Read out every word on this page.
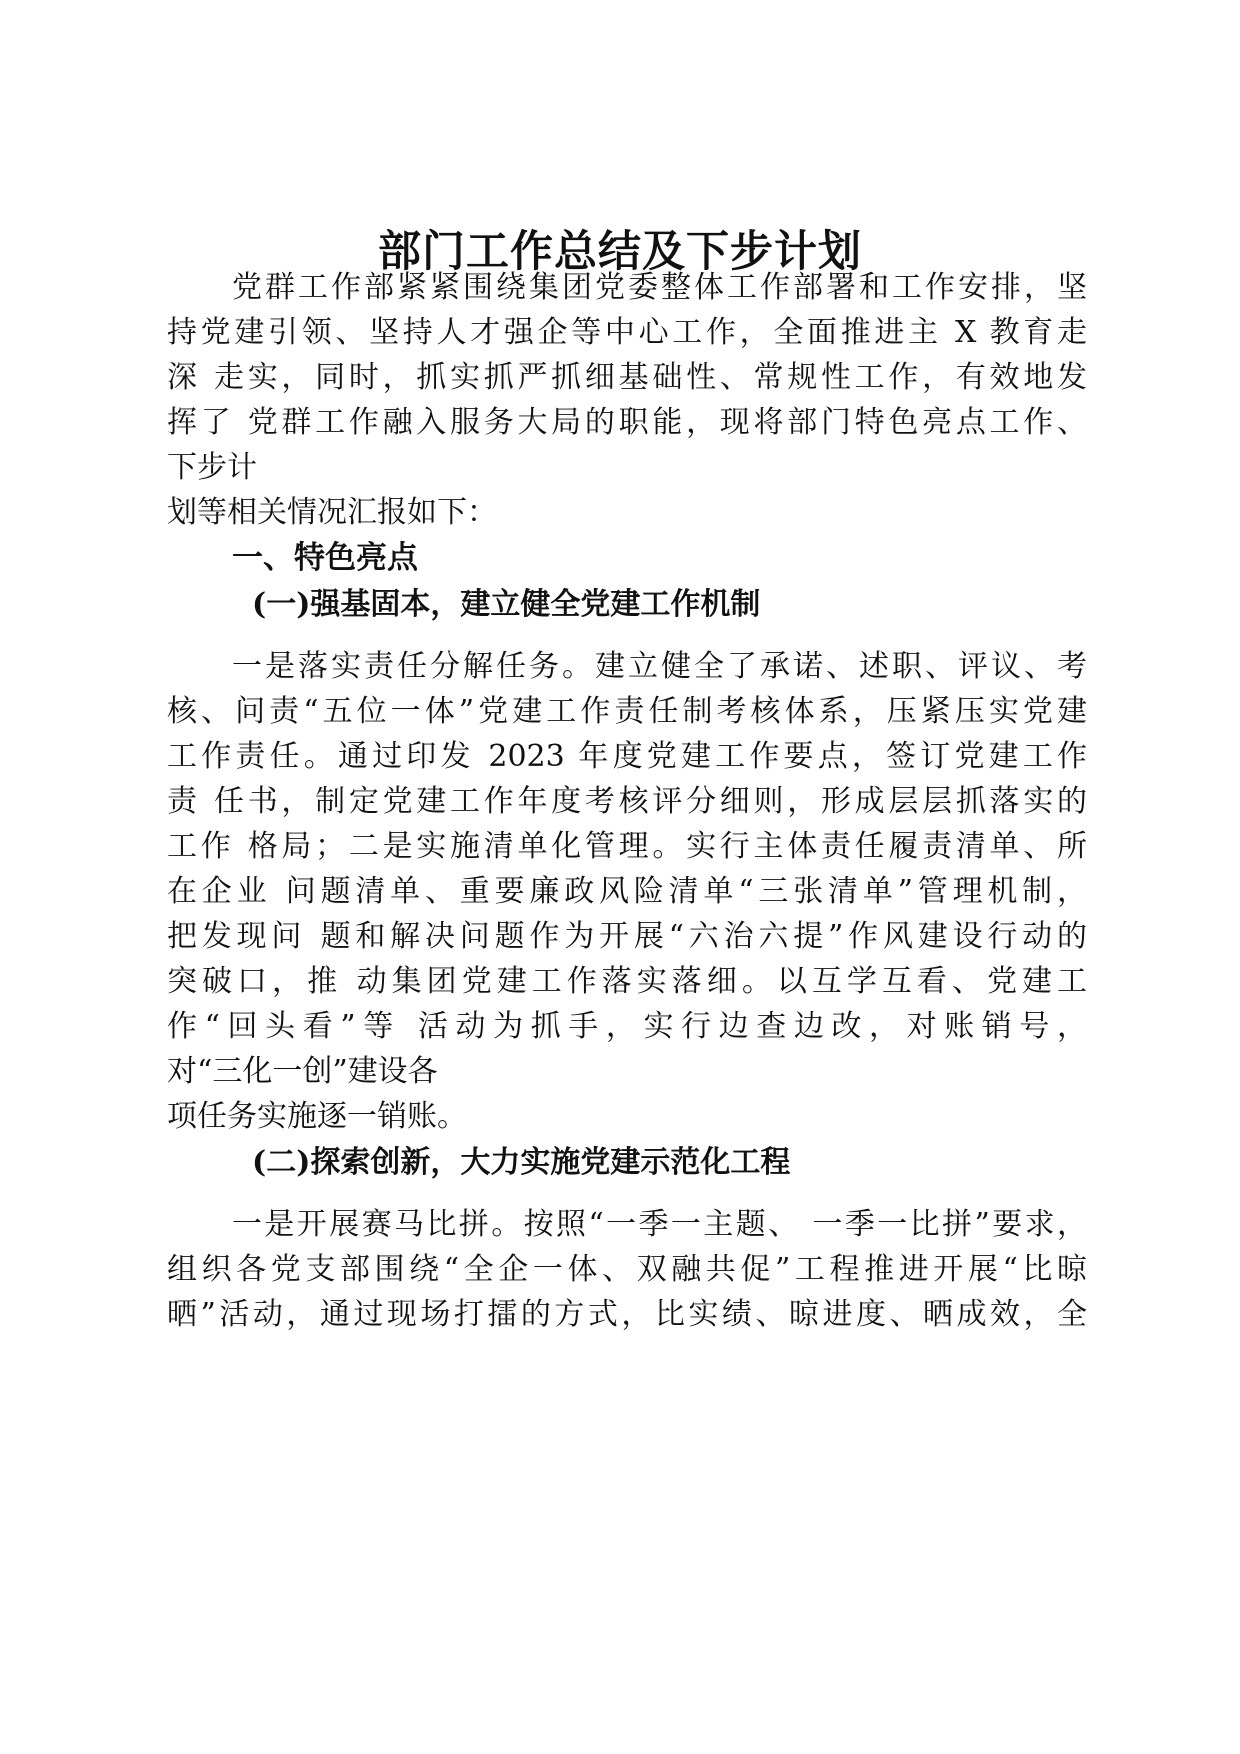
部门工作总结及下步计划

党群工作部紧紧围绕集团党委整体工作部署和工作安排，坚

持党建引领、坚持人才强企等中心工作，全面推进主 X 教育走

深 走实，同时，抓实抓严抓细基础性、常规性工作，有效地发

挥了 党群工作融入服务大局的职能，现将部门特色亮点工作、

下步计

划等相关情况汇报如下：

一、特色亮点
(一)强基固本，建立健全党建工作机制

一是落实责任分解任务。建立健全了承诺、述职、评议、考

核、问责“五位一体”党建工作责任制考核体系，压紧压实党建

工作责任。通过印发 2023 年度党建工作要点，签订党建工作

责 任书，制定党建工作年度考核评分细则，形成层层抓落实的

工作 格局；二是实施清单化管理。实行主体责任履责清单、所

在企业 问题清单、重要廉政风险清单“三张清单”管理机制，

把发现问 题和解决问题作为开展“六治六提”作风建设行动的

突破口，推 动集团党建工作落实落细。以互学互看、党建工

作“回头看”等 活动为抓手，实行边查边改，对账销号，

对“三化一创”建设各

项任务实施逐一销账。

(二)探索创新，大力实施党建示范化工程

一是开展赛马比拼。按照“一季一主题、 一季一比拼”要求，

组织各党支部围绕“全企一体、双融共促”工程推进开展“比晾

晒”活动，通过现场打擂的方式，比实绩、晾进度、晒成效，全
